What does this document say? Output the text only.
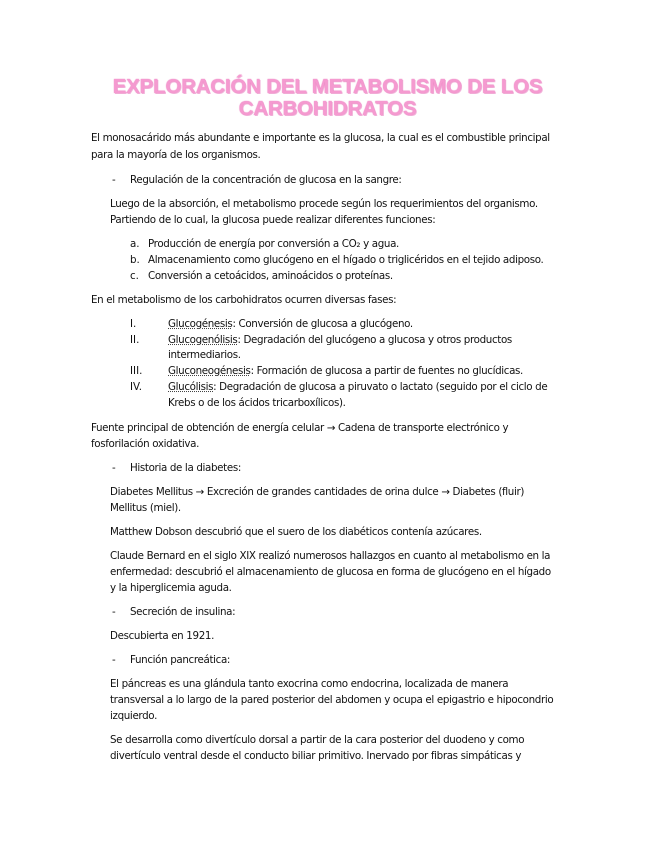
EXPLORACIÓN DEL METABOLISMO DE LOS
CARBOHIDRATOS
El monosacárido más abundante e importante es la glucosa, la cual es el combustible principal
para la mayoría de los organismos.
- Regulación de la concentración de glucosa en la sangre:
Luego de la absorción, el metabolismo procede según los requerimientos del organismo.
Partiendo de lo cual, la glucosa puede realizar diferentes funciones:
a. Producción de energía por conversión a CO₂ y agua.
b. Almacenamiento como glucógeno en el hígado o triglicéridos en el tejido adiposo.
c. Conversión a cetoácidos, aminoácidos o proteínas.
En el metabolismo de los carbohidratos ocurren diversas fases:
I.	Glucogénesis: Conversión de glucosa a glucógeno.
II.	Glucogenólisis: Degradación del glucógeno a glucosa y otros productos
intermediarios.
III. Gluconeogénesis: Formación de glucosa a partir de fuentes no glucídicas.
IV.	Glucólisis: Degradación de glucosa a piruvato o lactato (seguido por el ciclo de
Krebs o de los ácidos tricarboxílicos).
Fuente principal de obtención de energía celular → Cadena de transporte electrónico y
fosforilación oxidativa.
- Historia de la diabetes:
Diabetes Mellitus → Excreción de grandes cantidades de orina dulce → Diabetes (fluir)
Mellitus (miel).
Matthew Dobson descubrió que el suero de los diabéticos contenía azúcares.
Claude Bernard en el siglo XIX realizó numerosos hallazgos en cuanto al metabolismo en la
enfermedad: descubrió el almacenamiento de glucosa en forma de glucógeno en el hígado
y la hiperglicemia aguda.
- Secreción de insulina:
Descubierta en 1921.
- Función pancreática:
El páncreas es una glándula tanto exocrina como endocrina, localizada de manera
transversal a lo largo de la pared posterior del abdomen y ocupa el epigastrio e hipocondrio
izquierdo.
Se desarrolla como divertículo dorsal a partir de la cara posterior del duodeno y como
divertículo ventral desde el conducto biliar primitivo. Inervado por fibras simpáticas y
